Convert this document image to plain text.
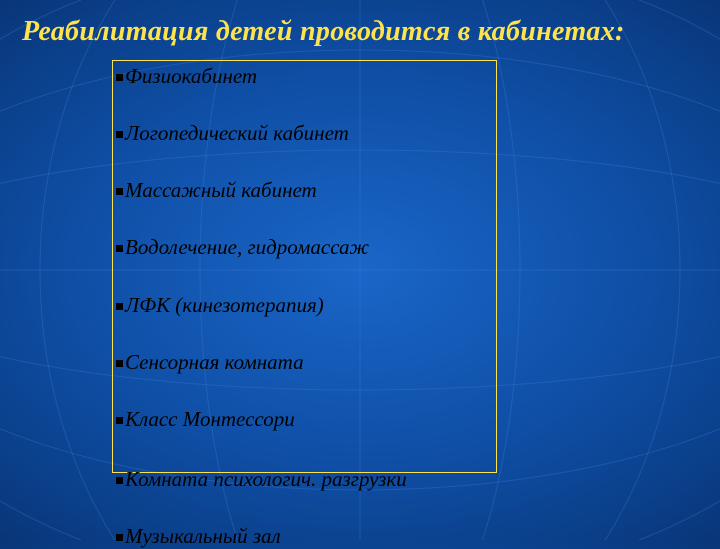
Реабилитация детей проводится в кабинетах:
Физиокабинет
Логопедический кабинет
Массажный кабинет
Водолечение, гидромассаж
ЛФК (кинезотерапия)
Сенсорная комната
Класс Монтессори
Комната психологич. разгрузки
Музыкальный зал
